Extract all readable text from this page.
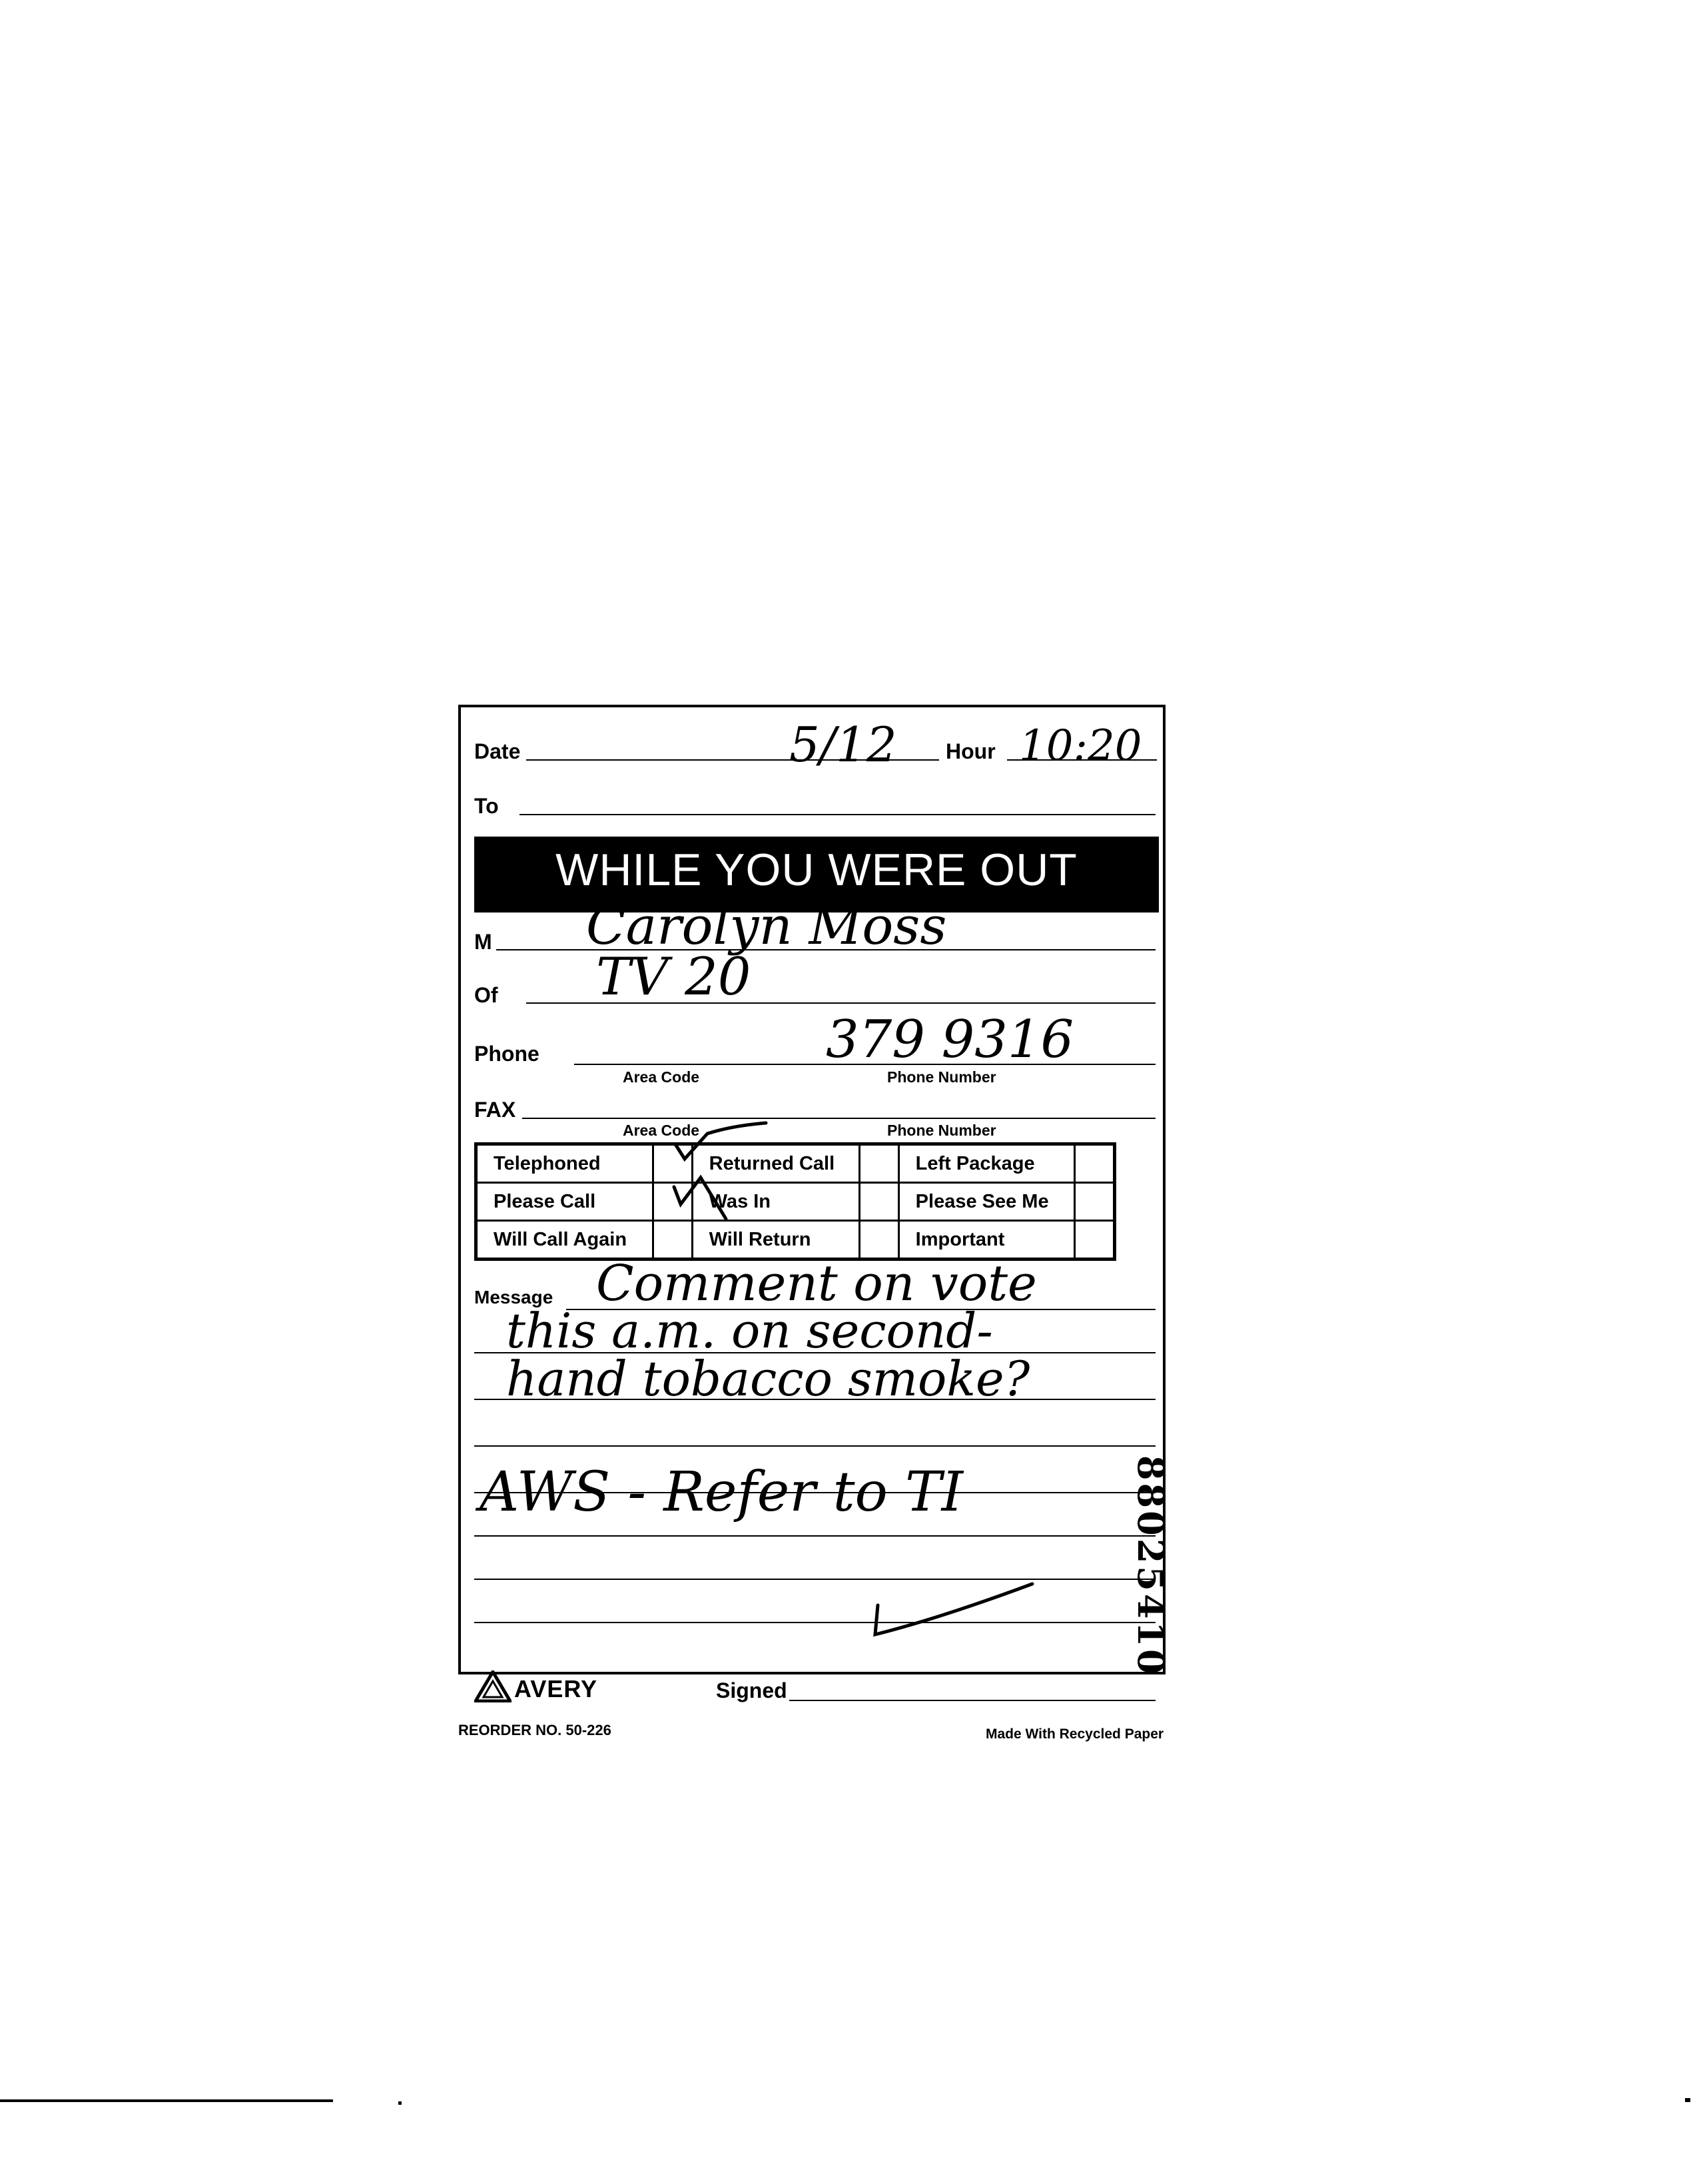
Date	5/12 Hour 10:20
To
WHILE YOU WERE OUT
M Carolyn Moss
Of TV 20
Phone
Area Code	Phone Number
379 9316
FAX
Area Code	Phone Number
Telephoned		Returned Call		Left Package	
Please Call		Was In		Please See Me	
Will Call Again		Will Return		Important	
Message Comment on vote
this a.m. on second-
hand tobacco smoke?
AWS - Refer to TI	88025410
AVERY	Signed
REORDER NO. 50-226	Made With Recycled Paper
